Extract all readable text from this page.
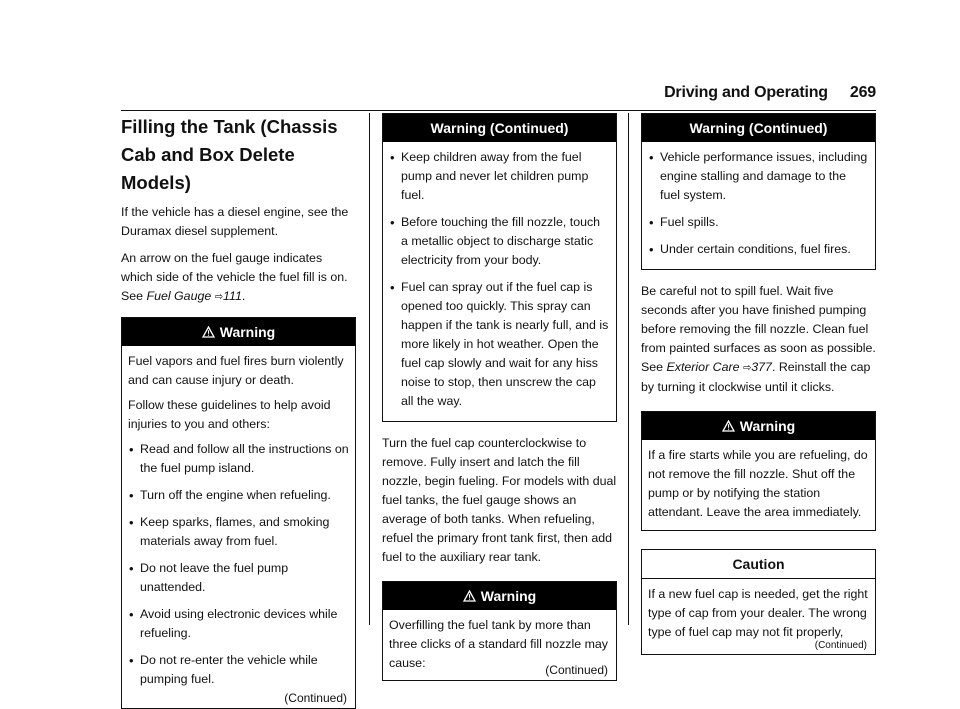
Driving and Operating 269
Filling the Tank (Chassis Cab and Box Delete Models)

If the vehicle has a diesel engine, see the Duramax diesel supplement.

An arrow on the fuel gauge indicates which side of the vehicle the fuel fill is on. See Fuel Gauge ⇨111.

Warning

Fuel vapors and fuel fires burn violently and can cause injury or death.

Follow these guidelines to help avoid injuries to you and others:

• Read and follow all the instructions on the fuel pump island.
• Turn off the engine when refueling.
• Keep sparks, flames, and smoking materials away from fuel.
• Do not leave the fuel pump unattended.
• Avoid using electronic devices while refueling.
• Do not re-enter the vehicle while pumping fuel.
(Continued)
Warning (Continued)
• Keep children away from the fuel pump and never let children pump fuel.
• Before touching the fill nozzle, touch a metallic object to discharge static electricity from your body.
• Fuel can spray out if the fuel cap is opened too quickly. This spray can happen if the tank is nearly full, and is more likely in hot weather. Open the fuel cap slowly and wait for any hiss noise to stop, then unscrew the cap all the way.

Turn the fuel cap counterclockwise to remove. Fully insert and latch the fill nozzle, begin fueling. For models with dual fuel tanks, the fuel gauge shows an average of both tanks. When refueling, refuel the primary front tank first, then add fuel to the auxiliary rear tank.

Warning

Overfilling the fuel tank by more than three clicks of a standard fill nozzle may cause:	(Continued)
Warning (Continued)
• Vehicle performance issues, including engine stalling and damage to the fuel system.
• Fuel spills.
• Under certain conditions, fuel fires.

Be careful not to spill fuel. Wait five seconds after you have finished pumping before removing the fill nozzle. Clean fuel from painted surfaces as soon as possible. See Exterior Care ⇨377. Reinstall the cap by turning it clockwise until it clicks.

Warning

If a fire starts while you are refueling, do not remove the fill nozzle. Shut off the pump or by notifying the station attendant. Leave the area immediately.

Caution

If a new fuel cap is needed, get the right type of cap from your dealer. The wrong type of fuel cap may not fit properly,

(Continued)
